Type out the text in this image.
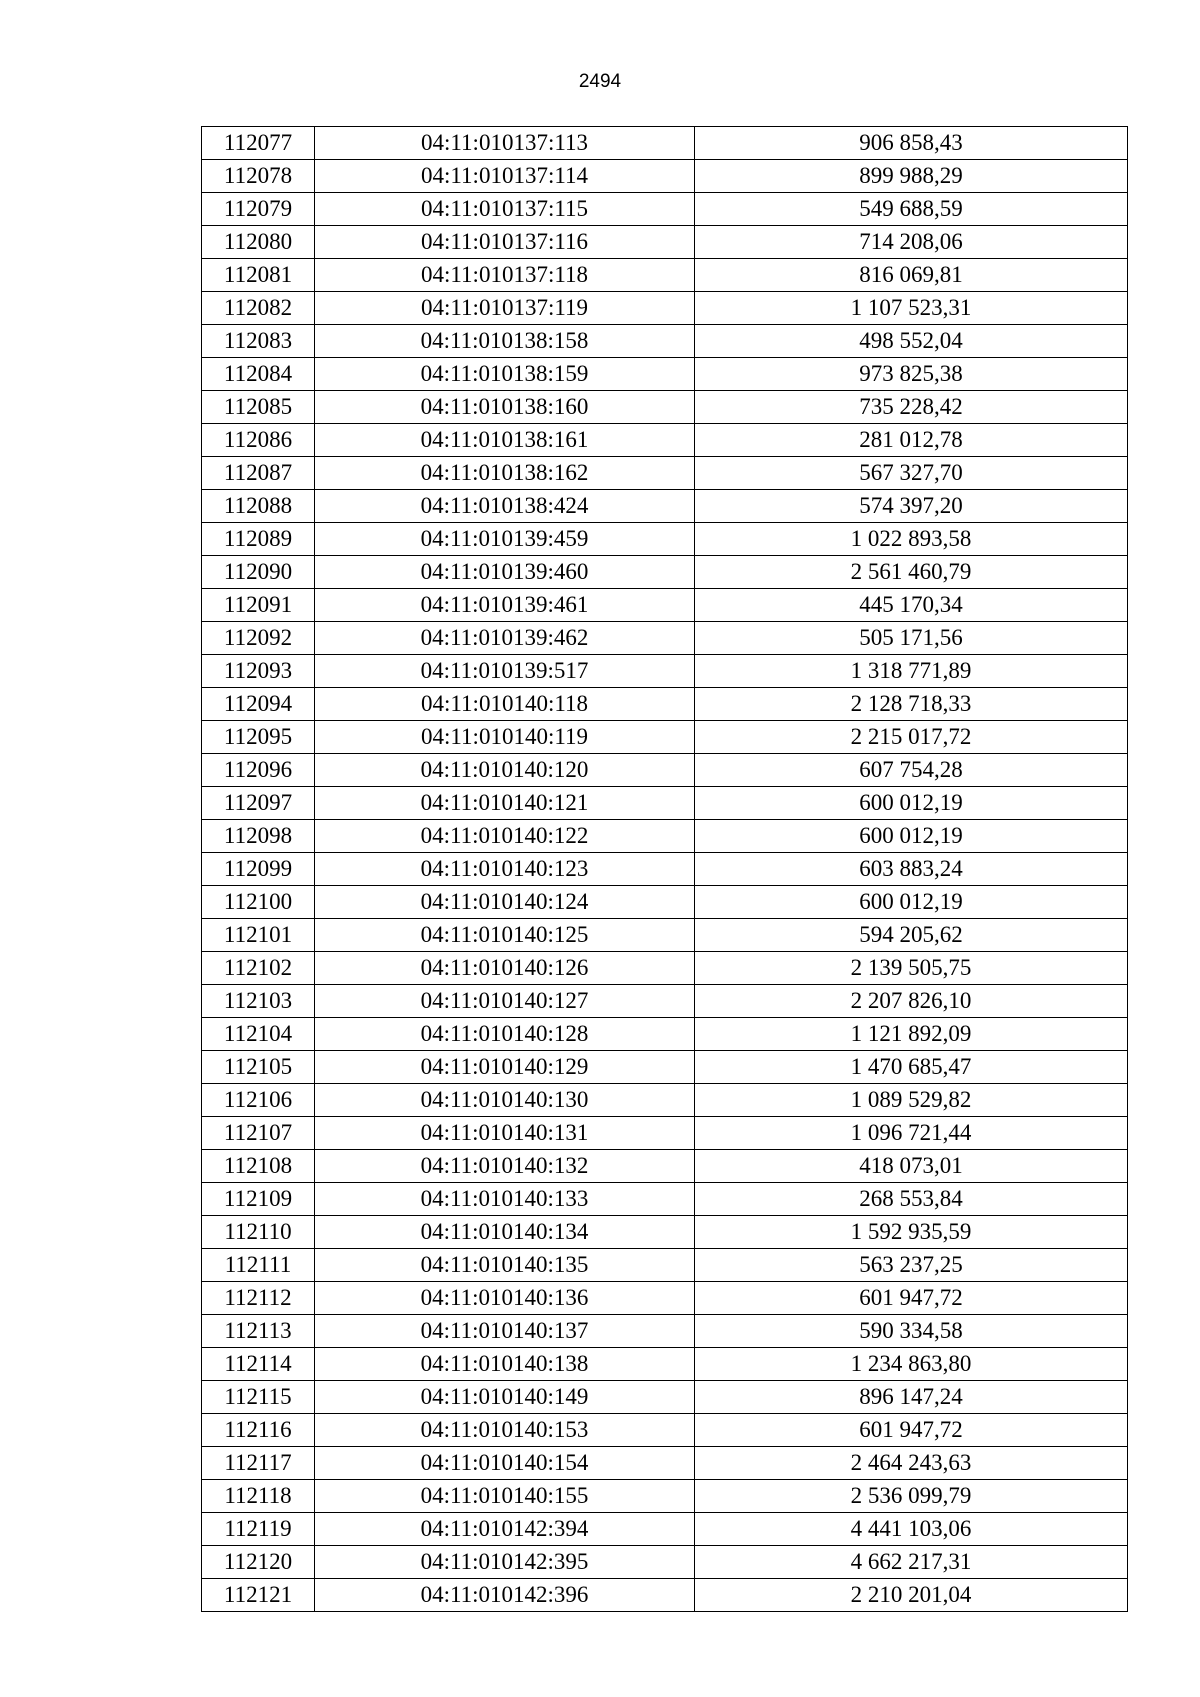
2494
112077	04:11:010137:113	906 858,43
112078	04:11:010137:114	899 988,29
112079	04:11:010137:115	549 688,59
112080	04:11:010137:116	714 208,06
112081	04:11:010137:118	816 069,81
112082	04:11:010137:119	1 107 523,31
112083	04:11:010138:158	498 552,04
112084	04:11:010138:159	973 825,38
112085	04:11:010138:160	735 228,42
112086	04:11:010138:161	281 012,78
112087	04:11:010138:162	567 327,70
112088	04:11:010138:424	574 397,20
112089	04:11:010139:459	1 022 893,58
112090	04:11:010139:460	2 561 460,79
112091	04:11:010139:461	445 170,34
112092	04:11:010139:462	505 171,56
112093	04:11:010139:517	1 318 771,89
112094	04:11:010140:118	2 128 718,33
112095	04:11:010140:119	2 215 017,72
112096	04:11:010140:120	607 754,28
112097	04:11:010140:121	600 012,19
112098	04:11:010140:122	600 012,19
112099	04:11:010140:123	603 883,24
112100	04:11:010140:124	600 012,19
112101	04:11:010140:125	594 205,62
112102	04:11:010140:126	2 139 505,75
112103	04:11:010140:127	2 207 826,10
112104	04:11:010140:128	1 121 892,09
112105	04:11:010140:129	1 470 685,47
112106	04:11:010140:130	1 089 529,82
112107	04:11:010140:131	1 096 721,44
112108	04:11:010140:132	418 073,01
112109	04:11:010140:133	268 553,84
112110	04:11:010140:134	1 592 935,59
112111	04:11:010140:135	563 237,25
112112	04:11:010140:136	601 947,72
112113	04:11:010140:137	590 334,58
112114	04:11:010140:138	1 234 863,80
112115	04:11:010140:149	896 147,24
112116	04:11:010140:153	601 947,72
112117	04:11:010140:154	2 464 243,63
112118	04:11:010140:155	2 536 099,79
112119	04:11:010142:394	4 441 103,06
112120	04:11:010142:395	4 662 217,31
112121	04:11:010142:396	2 210 201,04
